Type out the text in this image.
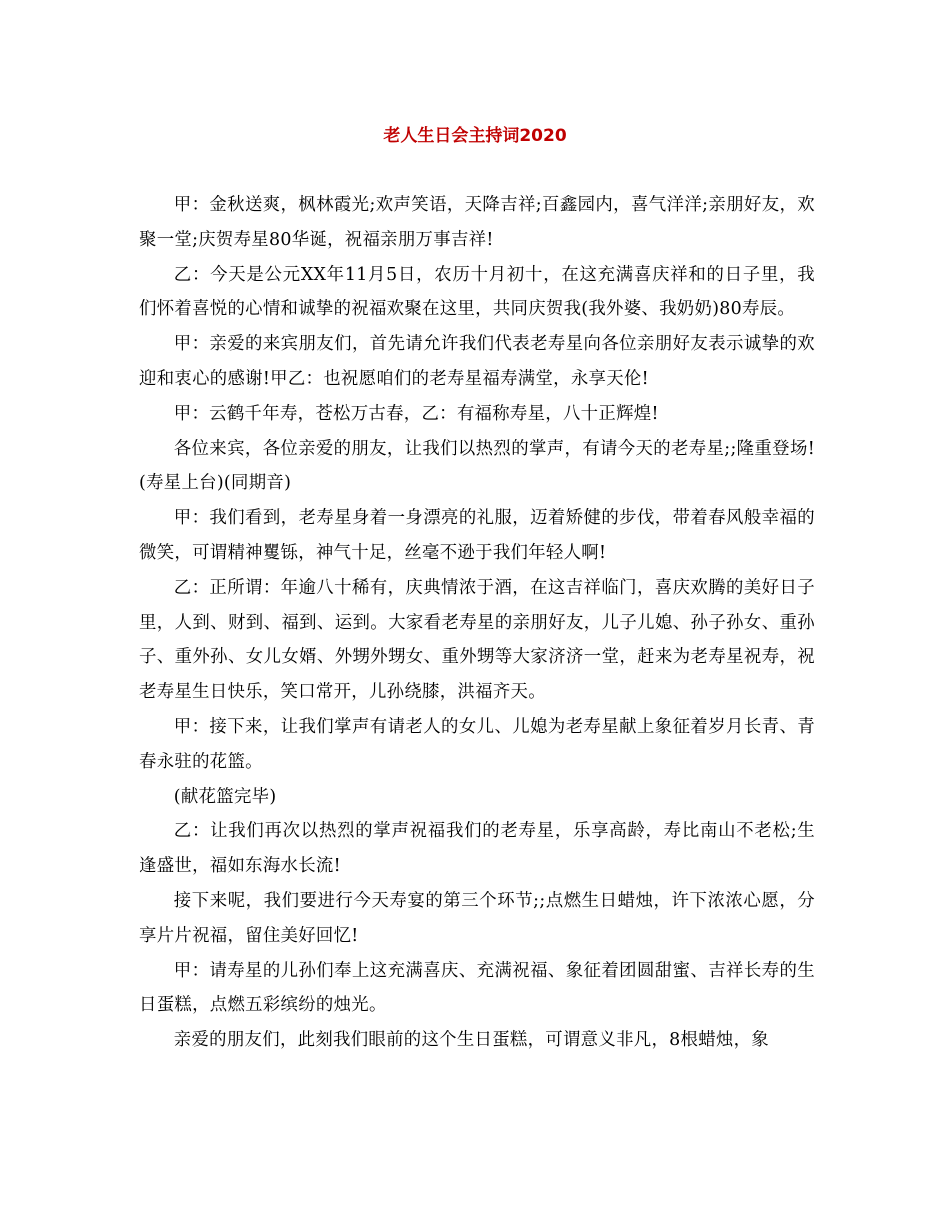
老人生日会主持词2020

甲：金秋送爽，枫林霞光;欢声笑语，天降吉祥;百鑫园内，喜气洋洋;亲朋好友，欢聚一堂;庆贺寿星80华诞，祝福亲朋万事吉祥!

乙：今天是公元XX年11月5日，农历十月初十，在这充满喜庆祥和的日子里，我们怀着喜悦的心情和诚挚的祝福欢聚在这里，共同庆贺我(我外婆、我奶奶)80寿辰。

甲：亲爱的来宾朋友们，首先请允许我们代表老寿星向各位亲朋好友表示诚挚的欢迎和衷心的感谢!甲乙：也祝愿咱们的老寿星福寿满堂，永享天伦!

甲：云鹤千年寿，苍松万古春，乙：有福称寿星，八十正辉煌!

各位来宾，各位亲爱的朋友，让我们以热烈的掌声，有请今天的老寿星;;隆重登场!(寿星上台)(同期音)

甲：我们看到，老寿星身着一身漂亮的礼服，迈着矫健的步伐，带着春风般幸福的微笑，可谓精神矍铄，神气十足，丝毫不逊于我们年轻人啊!

乙：正所谓：年逾八十稀有，庆典情浓于酒，在这吉祥临门，喜庆欢腾的美好日子里，人到、财到、福到、运到。大家看老寿星的亲朋好友，儿子儿媳、孙子孙女、重孙子、重外孙、女儿女婿、外甥外甥女、重外甥等大家济济一堂，赶来为老寿星祝寿，祝老寿星生日快乐，笑口常开，儿孙绕膝，洪福齐天。

甲：接下来，让我们掌声有请老人的女儿、儿媳为老寿星献上象征着岁月长青、青春永驻的花篮。

(献花篮完毕)

乙：让我们再次以热烈的掌声祝福我们的老寿星，乐享高龄，寿比南山不老松;生逢盛世，福如东海水长流!

接下来呢，我们要进行今天寿宴的第三个环节;;点燃生日蜡烛，许下浓浓心愿，分享片片祝福，留住美好回忆!

甲：请寿星的儿孙们奉上这充满喜庆、充满祝福、象征着团圆甜蜜、吉祥长寿的生日蛋糕，点燃五彩缤纷的烛光。

亲爱的朋友们，此刻我们眼前的这个生日蛋糕，可谓意义非凡，8根蜡烛，象
